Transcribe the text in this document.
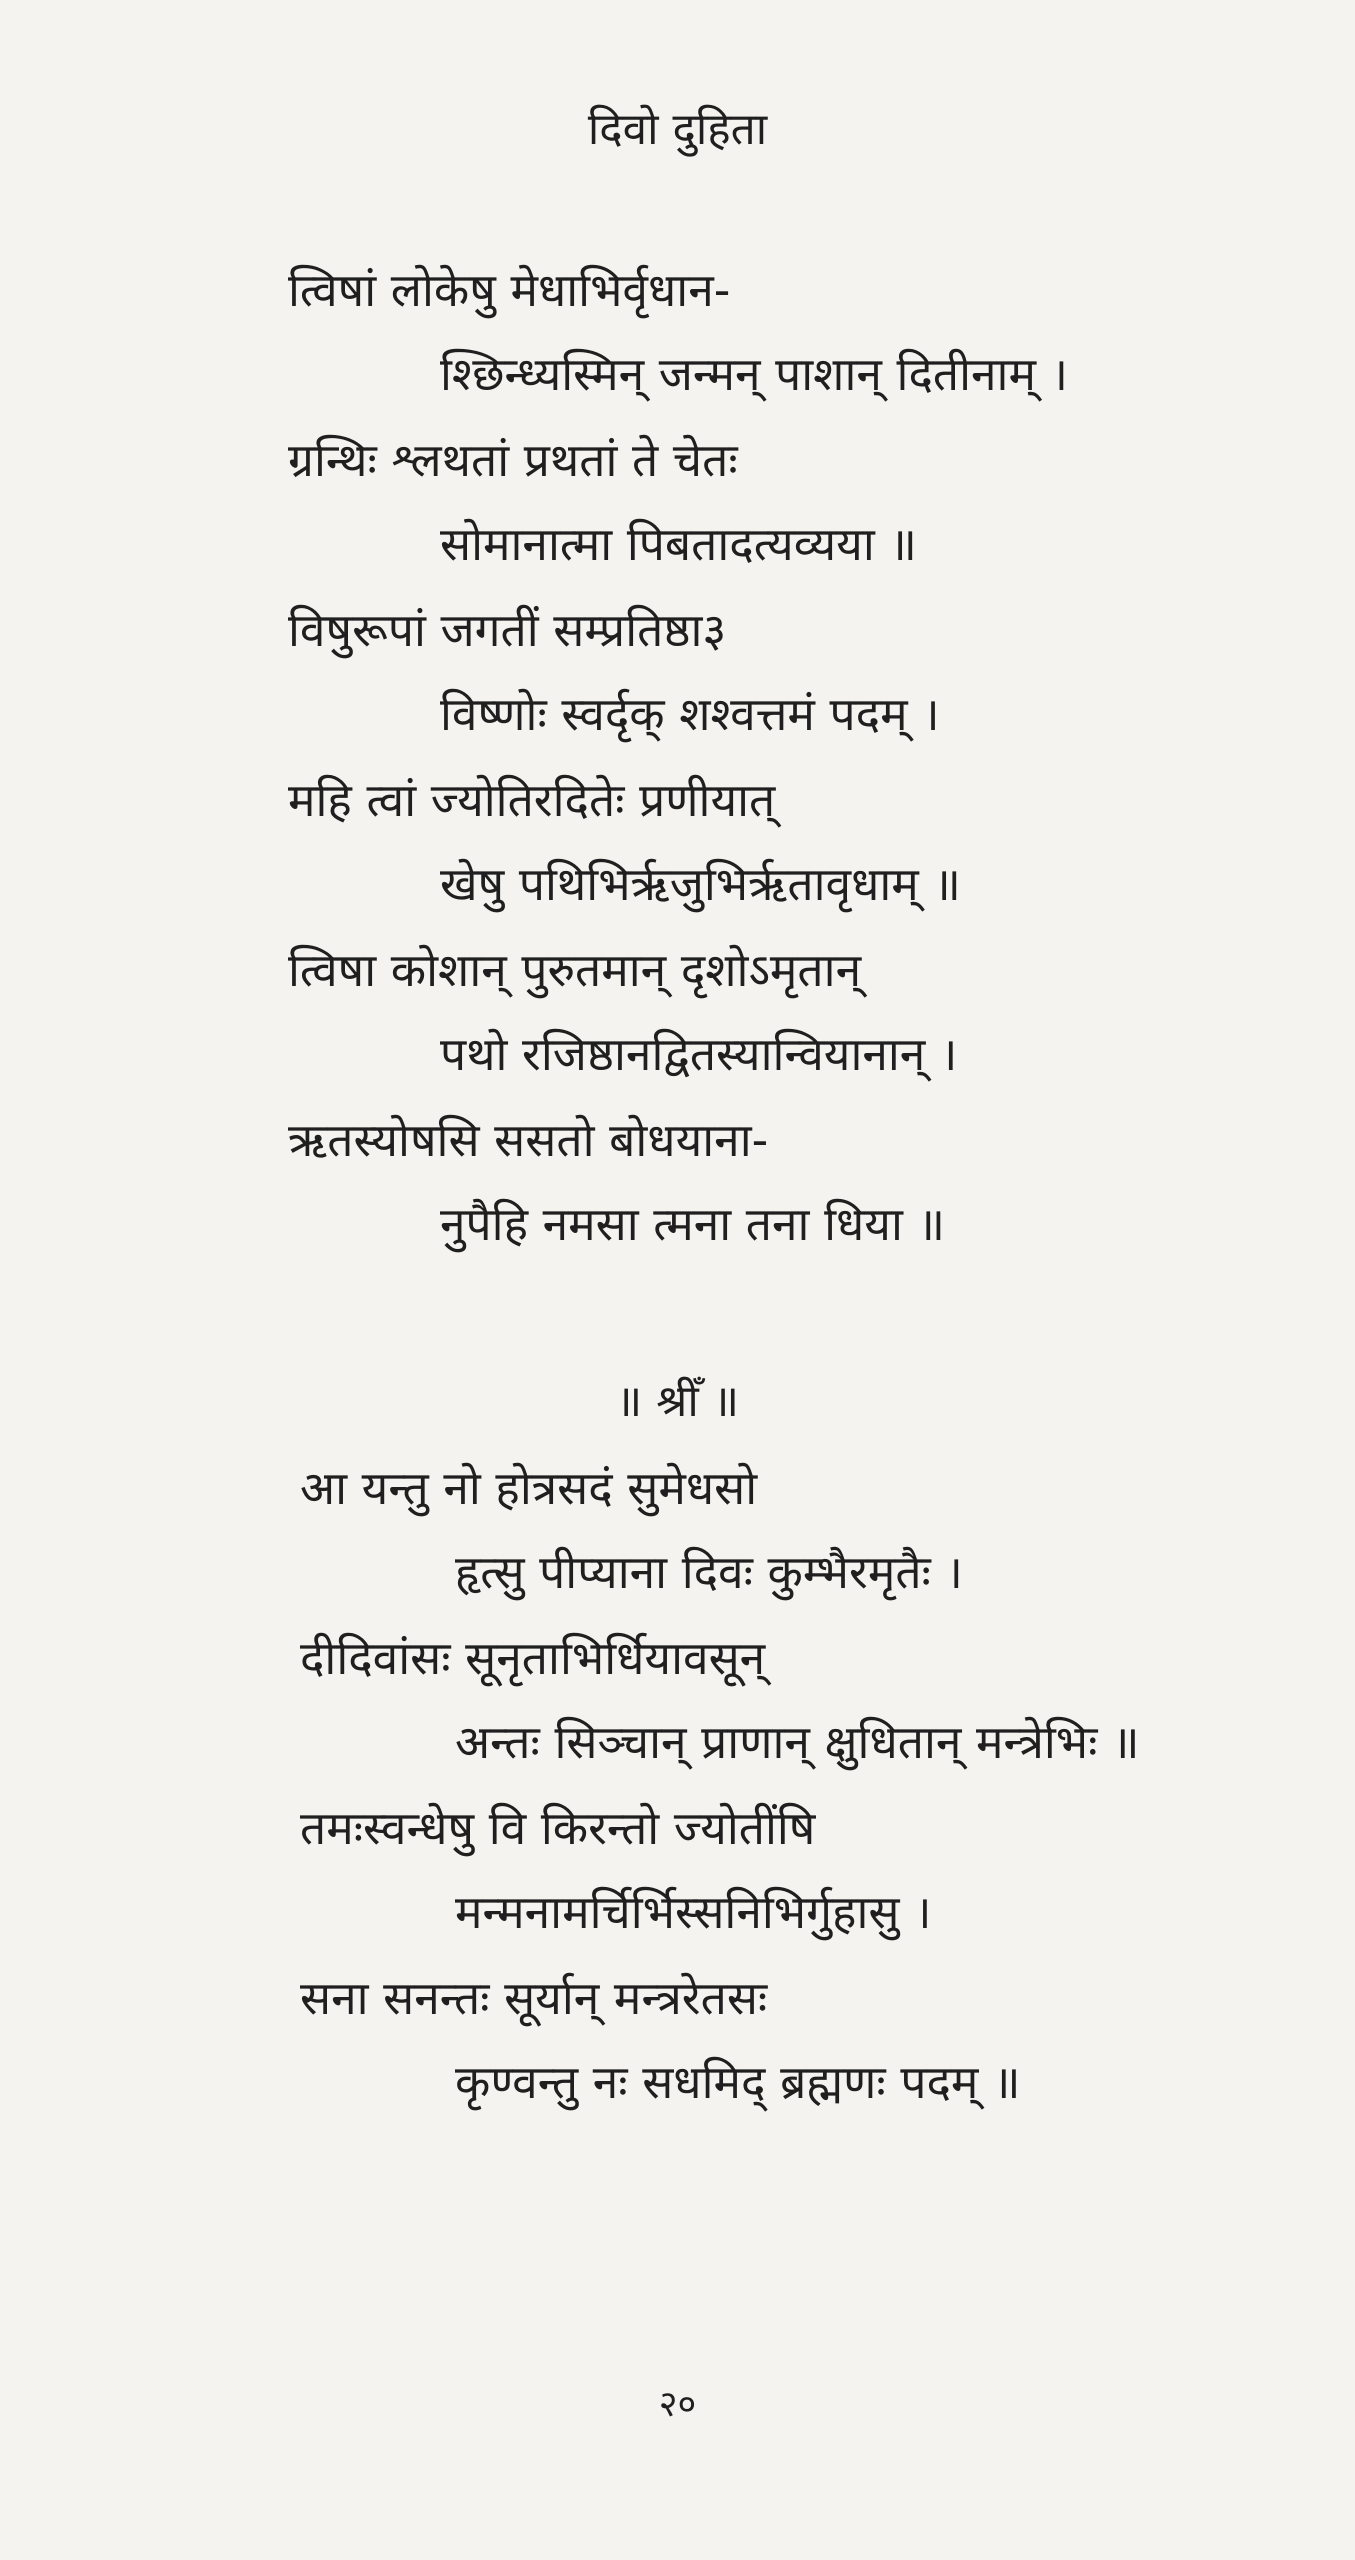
दिवो दुहिता
त्विषां लोकेषु मेधाभिर्वृधान-
श्छिन्ध्यस्मिन् जन्मन् पाशान् दितीनाम् ।
ग्रन्थिः श्लथतां प्रथतां ते चेतः
सोमानात्मा पिबतादत्यव्यया ॥
विषुरूपां जगतीं सम्प्रतिष्ठा३
विष्णोः स्वर्दृक् शश्वत्तमं पदम् ।
महि त्वां ज्योतिरदितेः प्रणीयात्
खेषु पथिभिर्ऋजुभिर्ऋतावृधाम् ॥
त्विषा कोशान् पुरुतमान् दृशोऽमृतान्
पथो रजिष्ठानद्वितस्यान्वियानान् ।
ऋतस्योषसि ससतो बोधयाना-
नुपैहि नमसा त्मना तना धिया ॥
॥ श्रीँ ॥
आ यन्तु नो होत्रसदं सुमेधसो
हृत्सु पीप्याना दिवः कुम्भैरमृतैः ।
दीदिवांसः सूनृताभिर्धियावसून्
अन्तः सिञ्चान् प्राणान् क्षुधितान् मन्त्रेभिः ॥
तमःस्वन्धेषु वि किरन्तो ज्योतींषि
मन्मनामर्चिर्भिस्सनिभिर्गुहासु ।
सना सनन्तः सूर्यान् मन्त्ररेतसः
कृण्वन्तु नः सधमिद् ब्रह्मणः पदम् ॥
२०
